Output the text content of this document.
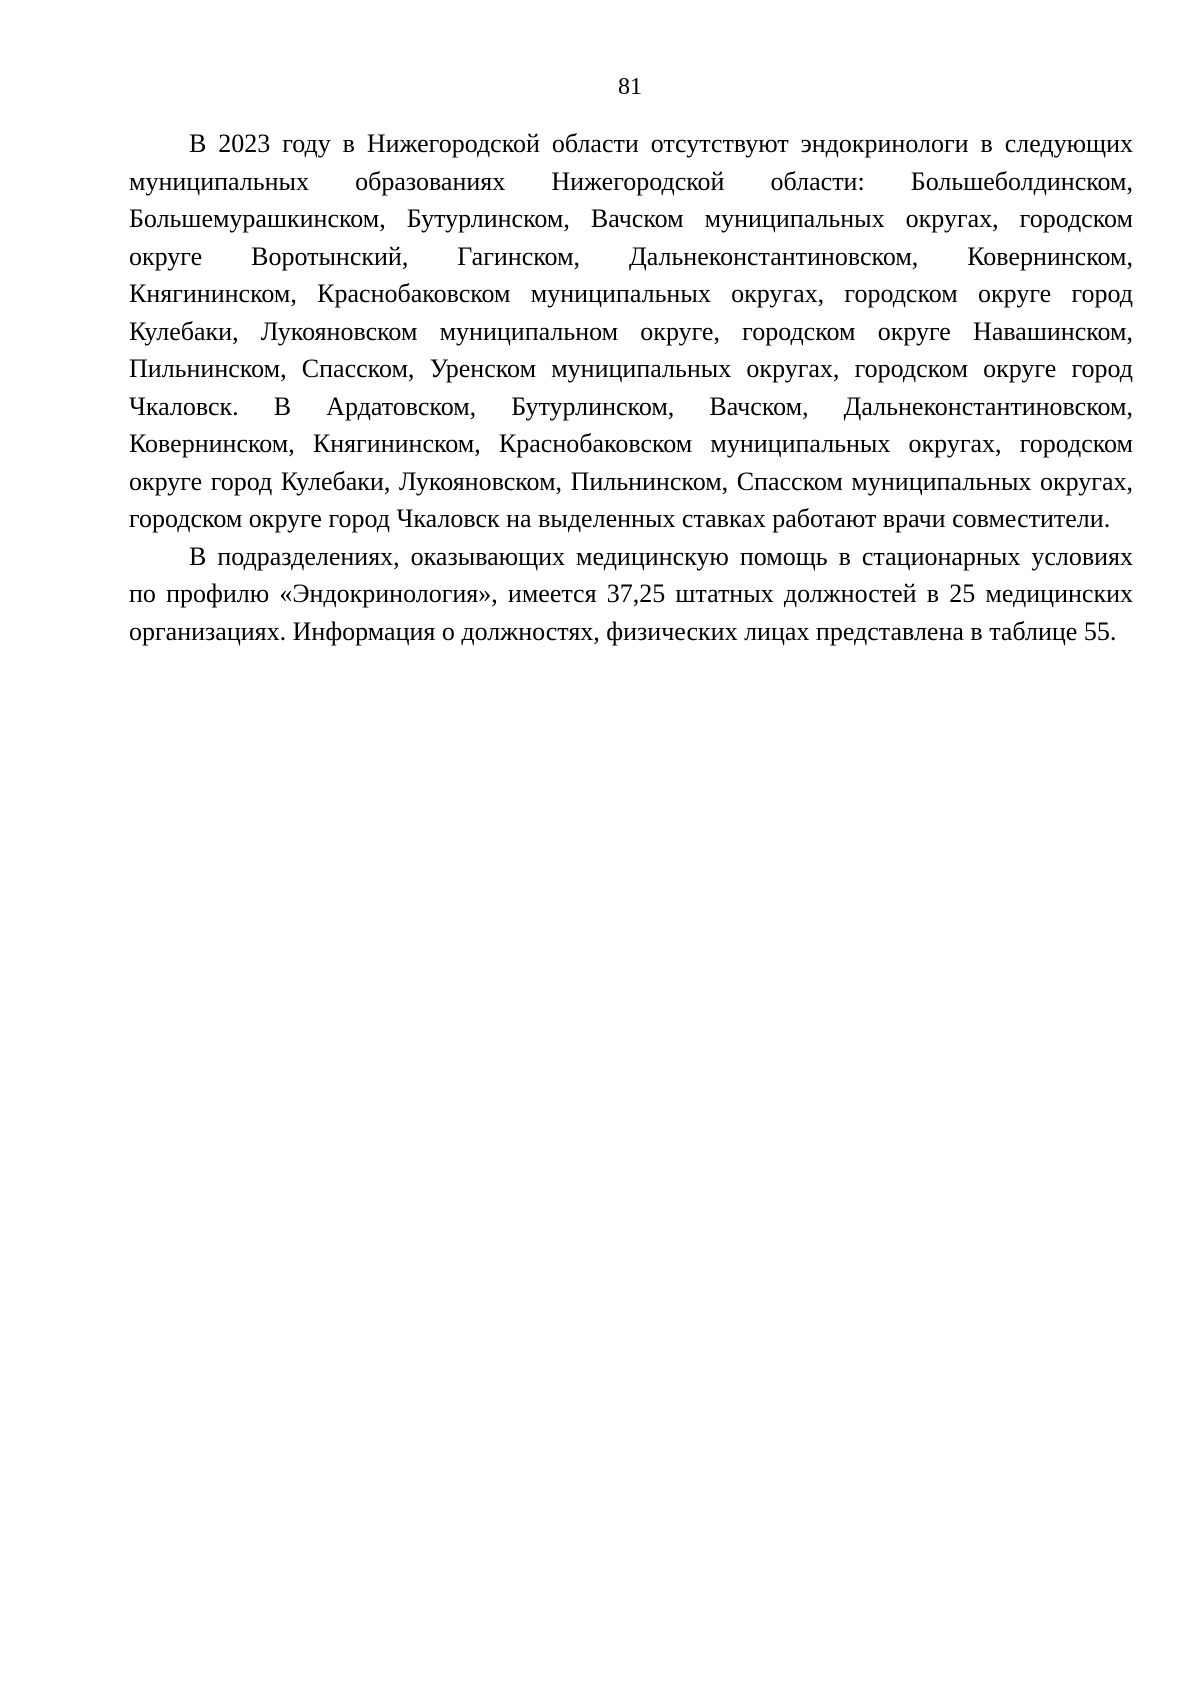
81

В 2023 году в Нижегородской области отсутствуют эндокринологи в следующих муниципальных образованиях Нижегородской области: Большеболдинском, Большемурашкинском, Бутурлинском, Вачском муниципальных округах, городском округе Воротынский, Гагинском, Дальнеконстантиновском, Ковернинском, Княгининском, Краснобаковском муниципальных округах, городском округе город Кулебаки, Лукояновском муниципальном округе, городском округе Навашинском, Пильнинском, Спасском, Уренском муниципальных округах, городском округе город Чкаловск. В Ардатовском, Бутурлинском, Вачском, Дальнеконстантиновском, Ковернинском, Княгининском, Краснобаковском муниципальных округах, городском округе город Кулебаки, Лукояновском, Пильнинском, Спасском муниципальных округах, городском округе город Чкаловск на выделенных ставках работают врачи совместители.

В подразделениях, оказывающих медицинскую помощь в стационарных условиях по профилю «Эндокринология», имеется 37,25 штатных должностей в 25 медицинских организациях. Информация о должностях, физических лицах представлена в таблице 55.
